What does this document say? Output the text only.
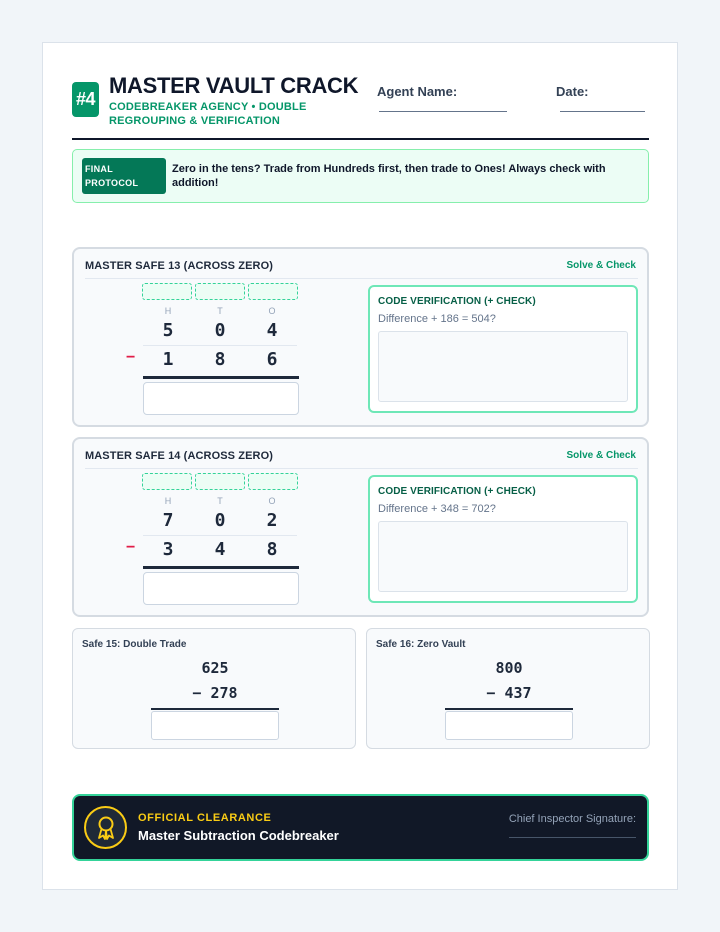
#4
MASTER VAULT CRACK
CODEBREAKER AGENCY • DOUBLE REGROUPING & VERIFICATION
Agent Name:	Date:
FINAL
PROTOCOL
Zero in the tens? Trade from Hundreds first, then trade to Ones! Always check with addition!
MASTER SAFE 13 (ACROSS ZERO)	Solve & Check
H	T	O
5	0	4
−	1	8	6
CODE VERIFICATION (+ CHECK)
Difference + 186 = 504?
MASTER SAFE 14 (ACROSS ZERO)	Solve & Check
H	T	O
7	0	2
−	3	4	8
CODE VERIFICATION (+ CHECK)
Difference + 348 = 702?
Safe 15: Double Trade
625
− 278
Safe 16: Zero Vault
800
− 437
OFFICIAL CLEARANCE
Master Subtraction Codebreaker
Chief Inspector Signature:
